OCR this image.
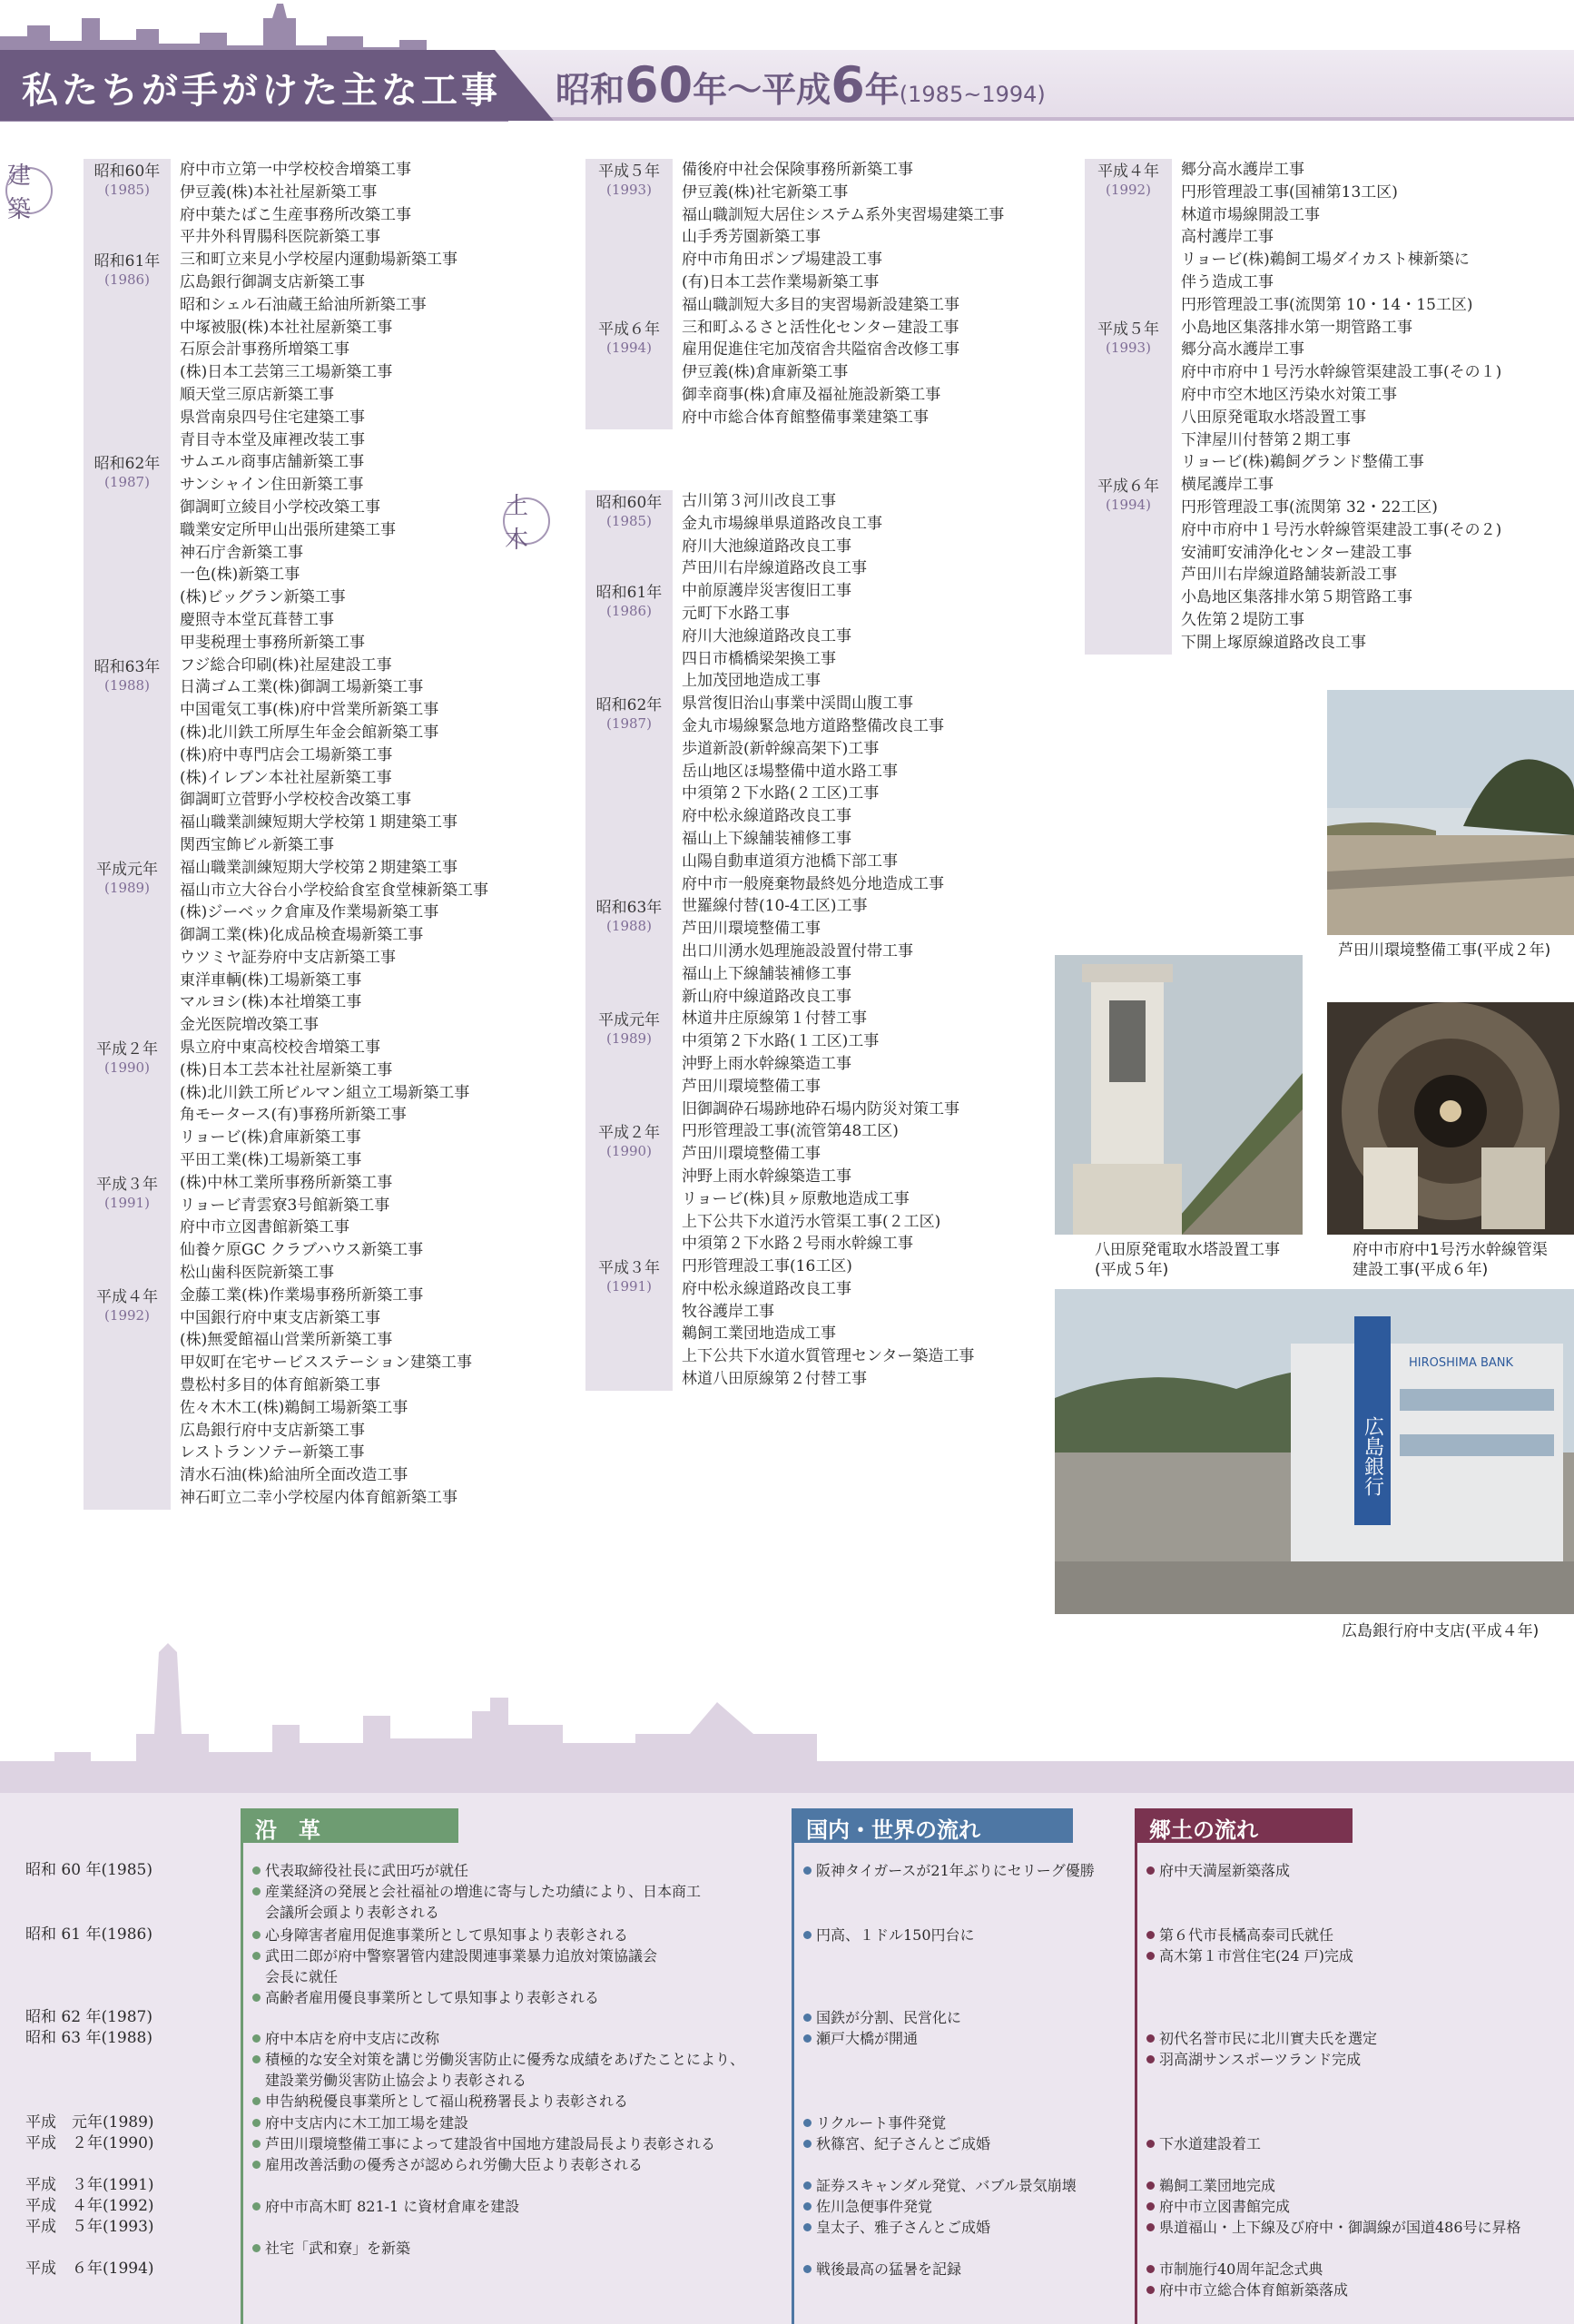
私たちが手がけた主な工事 昭和60年～平成6年(1985~1994)
建築
土木
昭和60年
(1985)
府中市立第一中学校校舎増築工事
伊豆義(株)本社社屋新築工事
府中葉たばこ生産事務所改築工事
平井外科胃腸科医院新築工事
昭和61年
(1986)
三和町立来見小学校屋内運動場新築工事
広島銀行御調支店新築工事
昭和シェル石油蔵王給油所新築工事
中塚被服(株)本社社屋新築工事
石原会計事務所増築工事
(株)日本工芸第三工場新築工事
順天堂三原店新築工事
県営南泉四号住宅建築工事
青目寺本堂及庫裡改装工事
昭和62年
(1987)
サムエル商事店舗新築工事
サンシャイン住田新築工事
御調町立綾目小学校改築工事
職業安定所甲山出張所建築工事
神石庁舎新築工事
一色(株)新築工事
(株)ビッグラン新築工事
慶照寺本堂瓦葺替工事
甲斐税理士事務所新築工事
昭和63年
(1988)
フジ総合印刷(株)社屋建設工事
日満ゴム工業(株)御調工場新築工事
中国電気工事(株)府中営業所新築工事
(株)北川鉄工所厚生年金会館新築工事
(株)府中専門店会工場新築工事
(株)イレブン本社社屋新築工事
御調町立菅野小学校校舎改築工事
福山職業訓練短期大学校第１期建築工事
関西宝飾ビル新築工事
平成元年
(1989)
福山職業訓練短期大学校第２期建築工事
福山市立大谷台小学校給食室食堂棟新築工事
(株)ジーベック倉庫及作業場新築工事
御調工業(株)化成品検査場新築工事
ウツミヤ証券府中支店新築工事
東洋車輌(株)工場新築工事
マルヨシ(株)本社増築工事
金光医院増改築工事
平成２年
(1990)
県立府中東高校校舎増築工事
(株)日本工芸本社社屋新築工事
(株)北川鉄工所ビルマン組立工場新築工事
角モータース(有)事務所新築工事
リョービ(株)倉庫新築工事
平田工業(株)工場新築工事
平成３年
(1991)
(株)中林工業所事務所新築工事
リョービ青雲寮3号館新築工事
府中市立図書館新築工事
仙養ケ原GC クラブハウス新築工事
松山歯科医院新築工事
平成４年
(1992)
金藤工業(株)作業場事務所新築工事
中国銀行府中東支店新築工事
(株)無愛館福山営業所新築工事
甲奴町在宅サービスステーション建築工事
豊松村多目的体育館新築工事
佐々木木工(株)鵜飼工場新築工事
広島銀行府中支店新築工事
レストランソテー新築工事
清水石油(株)給油所全面改造工事
神石町立二幸小学校屋内体育館新築工事
平成５年
(1993)
備後府中社会保険事務所新築工事
伊豆義(株)社宅新築工事
福山職訓短大居住システム系外実習場建築工事
山手秀芳園新築工事
府中市角田ポンプ場建設工事
(有)日本工芸作業場新築工事
福山職訓短大多目的実習場新設建築工事
平成６年
(1994)
三和町ふるさと活性化センター建設工事
雇用促進住宅加茂宿舎共隘宿舎改修工事
伊豆義(株)倉庫新築工事
御幸商事(株)倉庫及福祉施設新築工事
府中市総合体育館整備事業建築工事
昭和60年
(1985)
古川第３河川改良工事
金丸市場線単県道路改良工事
府川大池線道路改良工事
芦田川右岸線道路改良工事
昭和61年
(1986)
中前原護岸災害復旧工事
元町下水路工事
府川大池線道路改良工事
四日市橋橋梁架換工事
上加茂団地造成工事
昭和62年
(1987)
県営復旧治山事業中渓間山腹工事
金丸市場線緊急地方道路整備改良工事
歩道新設(新幹線高架下)工事
岳山地区ほ場整備中道水路工事
中須第２下水路(２工区)工事
府中松永線道路改良工事
福山上下線舗装補修工事
山陽自動車道須方池橋下部工事
府中市一般廃棄物最終処分地造成工事
昭和63年
(1988)
世羅線付替(10-4工区)工事
芦田川環境整備工事
出口川湧水処理施設設置付帯工事
福山上下線舗装補修工事
新山府中線道路改良工事
平成元年
(1989)
林道井庄原線第１付替工事
中須第２下水路(１工区)工事
沖野上雨水幹線築造工事
芦田川環境整備工事
旧御調砕石場跡地砕石場内防災対策工事
平成２年
(1990)
円形管理設工事(流管第48工区)
芦田川環境整備工事
沖野上雨水幹線築造工事
リョービ(株)貝ヶ原敷地造成工事
上下公共下水道汚水管渠工事(２工区)
中須第２下水路２号雨水幹線工事
平成３年
(1991)
円形管理設工事(16工区)
府中松永線道路改良工事
牧谷護岸工事
鵜飼工業団地造成工事
上下公共下水道水質管理センター築造工事
林道八田原線第２付替工事
平成４年
(1992)
郷分高水護岸工事
円形管理設工事(国補第13工区)
林道市場線開設工事
高村護岸工事
リョービ(株)鵜飼工場ダイカスト棟新築に
伴う造成工事
円形管理設工事(流関第 10・14・15工区)
平成５年
(1993)
小島地区集落排水第一期管路工事
郷分高水護岸工事
府中市府中１号汚水幹線管渠建設工事(その１)
府中市空木地区汚染水対策工事
八田原発電取水塔設置工事
下津屋川付替第２期工事
リョービ(株)鵜飼グランド整備工事
平成６年
(1994)
横尾護岸工事
円形管理設工事(流関第 32・22工区)
府中市府中１号汚水幹線管渠建設工事(その２)
安浦町安浦浄化センター建設工事
芦田川右岸線道路舗装新設工事
小島地区集落排水第５期管路工事
久佐第２堤防工事
下開上塚原線道路改良工事
芦田川環境整備工事(平成２年)
八田原発電取水塔設置工事
(平成５年)
府中市府中1号汚水幹線管渠
建設工事(平成６年)
広島銀行
HIROSHIMA BANK
広島銀行府中支店(平成４年)
沿　革	国内・世界の流れ	郷土の流れ
昭和 60 年(1985)
昭和 61 年(1986)
昭和 62 年(1987)
昭和 63 年(1988)
平成　元年(1989)
平成　２年(1990)
平成　３年(1991)
平成　４年(1992)
平成　５年(1993)
平成　６年(1994)
代表取締役社長に武田巧が就任
産業経済の発展と会社福祉の増進に寄与した功績により、日本商工
会議所会頭より表彰される
心身障害者雇用促進事業所として県知事より表彰される
武田二郎が府中警察署管内建設関連事業暴力追放対策協議会
会長に就任
高齢者雇用優良事業所として県知事より表彰される
府中本店を府中支店に改称
積極的な安全対策を講じ労働災害防止に優秀な成績をあげたことにより、
建設業労働災害防止協会より表彰される
申告納税優良事業所として福山税務署長より表彰される
府中支店内に木工加工場を建設
芦田川環境整備工事によって建設省中国地方建設局長より表彰される
雇用改善活動の優秀さが認められ労働大臣より表彰される
府中市高木町 821-1 に資材倉庫を建設
社宅「武和寮」を新築
阪神タイガースが21年ぶりにセリーグ優勝
円高、１ドル150円台に
国鉄が分割、民営化に
瀬戸大橋が開通
リクルート事件発覚
秋篠宮、紀子さんとご成婚
証券スキャンダル発覚、バブル景気崩壊
佐川急便事件発覚
皇太子、雅子さんとご成婚
戦後最高の猛暑を記録
府中天満屋新築落成
第６代市長橘高泰司氏就任
高木第１市営住宅(24 戸)完成
初代名誉市民に北川實夫氏を選定
羽高湖サンスポーツランド完成
下水道建設着工
鵜飼工業団地完成
府中市立図書館完成
県道福山・上下線及び府中・御調線が国道486号に昇格
市制施行40周年記念式典
府中市立総合体育館新築落成
